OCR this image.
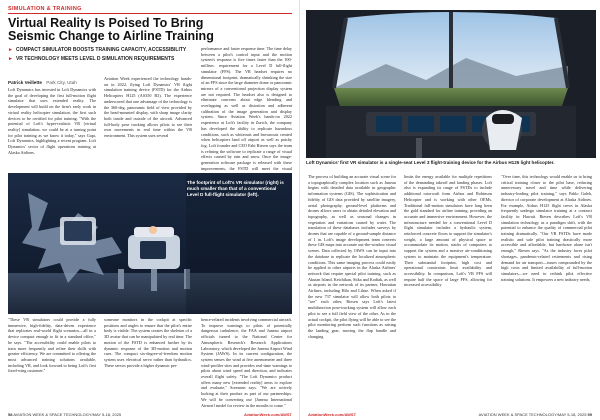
SIMULATION & TRAINING
Virtual Reality Is Poised To Bring Seismic Change to Airline Training
► COMPACT SIMULATOR BOOSTS TRAINING CAPACITY, ACCESSIBILITY
► VR TECHNOLOGY MEETS LEVEL D SIMULATION REQUIREMENTS
Patrick Veillette Park City, Utah

Loft Dynamics has invested in Loft Dynamics with the goal of developing the first full-motion flight simulator that uses extended reality. The development will build on the firm's early work in virtual reality helicopter simulation, the first such devices to be certified for pilot training. "With the potential of Loft's hyper-realistic VR [virtual reality] simulation, we could be at a turning point for pilot training as we know it today," says Gapi, Loft Dynamics, highlighting a recent program. Loft Dynamics' sector of flight operations training at Alaska Airlines.

Aviation Week experienced the technology hands-on in 2022, flying Loft Dynamics' VR flight simulation training device (FSTD) for the Airbus Helicopters H125 (AS350 B3). The experience underscored that one advantage of the technology is the 360-deg. panoramic field of view provided by the head-mounted display, with sharp image clarity both inside and outside of the aircraft. Advanced full-body pose tracking allows pilots to see their own movements in real time within the VR environment. This system uses several

performance and faster response time. The time delay between a pilot's control input and the motion system's response is five times faster than the 100-millisec. requirement for a Level D full-flight simulator (FFS). The VR headset requires no dimensional footprint, dramatically shrinking the size of an FFS since the large diameter dome or panoramic mirrors of a conventional projection display system are not required. The headset also is designed to eliminate concerns about edge blending and overlapping as well as distortion and adherent calibration of the image generation and display system. Since Aviation Week's hands-on 2022 experience at Loft's facility in Zurich, the company has developed the ability to replicate hazardous conditions, such as whiteouts and brownouts created when helicopters land off airport as well as patchy fog. Loft founder and CEO Fabi Riesen says the team is refining the software to replicate a range of visual effects caused by rain and snow. Once the image-generation software package is released with these improvements, the FSTD will meet the visual

The footprint of Loft's VR simulator (right) is much smaller than that of a conventional Level D full-flight simulator (left).

"These VR simulators could provide a fully immersive, high-fidelity, data-driven experience that replicates real-world flight scenarios—all in a device compact enough to fit in a standard office," he says. "The accessibility could enable pilots to train more frequently and refine their skills with greater efficiency. We are committed to offering the most advanced training solutions available, including VR, and look forward to being Loft's first fixed-wing customer."

someone monitors in the cockpit at specific positions and angles to ensure that the pilot's entire body is visible. The system creates the skeleton of a 3D avatar that can be manipulated by real time. The motion of the FSTD is enhanced further by its dynamic response of the 3D-motion and motion cues. The compact six-degree-of-freedom motion system uses electrical servo rather than hydraulics. These servos provide a higher dynamic per-

hence-related incidents involving commercial aircraft. To improve warnings to pilots of potentially dangerous turbulence, the FAA and Juneau airport officials turned to the National Center for Atmospheric Research's Research Applications Laboratory, which developed the Juneau Airport Wind System (JAWS). In its current configuration, the system senses the wind at five anemometer and three wind-profiler sites and provides real-time warnings to pilots about wind speed and direction, and indicates overall flight safety. "The Loft Dynamics product offers many new [extended reality] areas to explore and evaluate," Sorensen says. "We are actively looking at their product as part of our partnerships. We will be converting our [Juneau International Airport] model for review in the months to come."

58 AVIATION WEEK & SPACE TECHNOLOGY/MAY 5-18, 2025	AviationWeek.com/AWST
Loft Dynamics' first VR simulator is a single-seat Level 3 flight-training device for the Airbus H125 light helicopter.

The process of building an accurate visual scene for a topographically complex location such as Juneau begins with detailed data available in geographic information systems (GIS). The sophistication and fidelity of GIS data provided by satellite imagery, aerial photography, ground-level platforms and drones allows users to obtain detailed elevation and topography, as well as seasonal changes in vegetation and variations caused by water. The translation of these databases includes surveys by drones that are capable of a ground-sample distance of 1 in. Loft's image development team converts these GIS maps into accurate out-the-window visual scenes. Data collected by JAWS can be input into the database to replicate the localized atmospheric conditions. This same imaging process could easily be applied to other airports in the Alaska Airlines' network that require special pilot training, such as Akutan Island, Ketchikan, Sitka and Kodiak, as well as airports in the network of its partner, Hawaiian Airlines, including Hilo and Lihue. When asked if the new 737 simulator will allow both pilots to "see" each other, Riesen says Loft's latest multifunction pose-tracking system will allow each pilot to see a full field view of the other. As in the actual cockpit, the pilot flying will be able to see the pilot monitoring perform such functions as raising the landing gear, moving the flap handle and changing

limits the energy available for multiple repetitions of the demanding takeoff and landing phases. Loft also is expanding its range of FSTDs to include additional rotorcraft from Airbus and Robinson Helicopter and is working with other OEMs. Traditional full-motion simulators have long been the gold standard for airline training, providing an accurate and immersive environment. However, the infrastructure needed for a conventional Level D flight simulator includes a hydraulic system, reinforced concrete floors to support the simulator's weight, a large amount of physical space to accommodate its motion, stacks of computers to support the system and a massive air-conditioning system to maintain the equipment's temperature. Their substantial footprint, high cost and operational constraints limit availability and accessibility. In comparison, Loft's VR FFS will require half the space of large FFS, allowing for increased accessibility

"Over time, this technology would enable us to bring critical training closer to the pilot base, reducing unnecessary travel and time while delivering industry-leading pilot training," says Pablo Galeb, director of corporate development at Alaska Airlines. For example, Airbus H125 flight crews in Alaska frequently undergo simulator training at a contract facility in Hawaii. Riesen describes Loft's VR simulation technology as a paradigm shift, with the potential to enhance the quality of commercial pilot training dramatically. "Our VR FSTDs have made realistic and safe pilot training drastically more accessible and affordable, but hardware alone isn't enough," Riesen says. "As the industry faces pilot shortages, pandemic-related retirements and rising demand for air transport—issues compounded by the high costs and limited availability of full-motion simulators—we need to rethink pilot effective training solutions. It empowers a new industry needs,

AviationWeek.com/AWST	AVIATION WEEK & SPACE TECHNOLOGY/MAY 5-18, 2025 59
